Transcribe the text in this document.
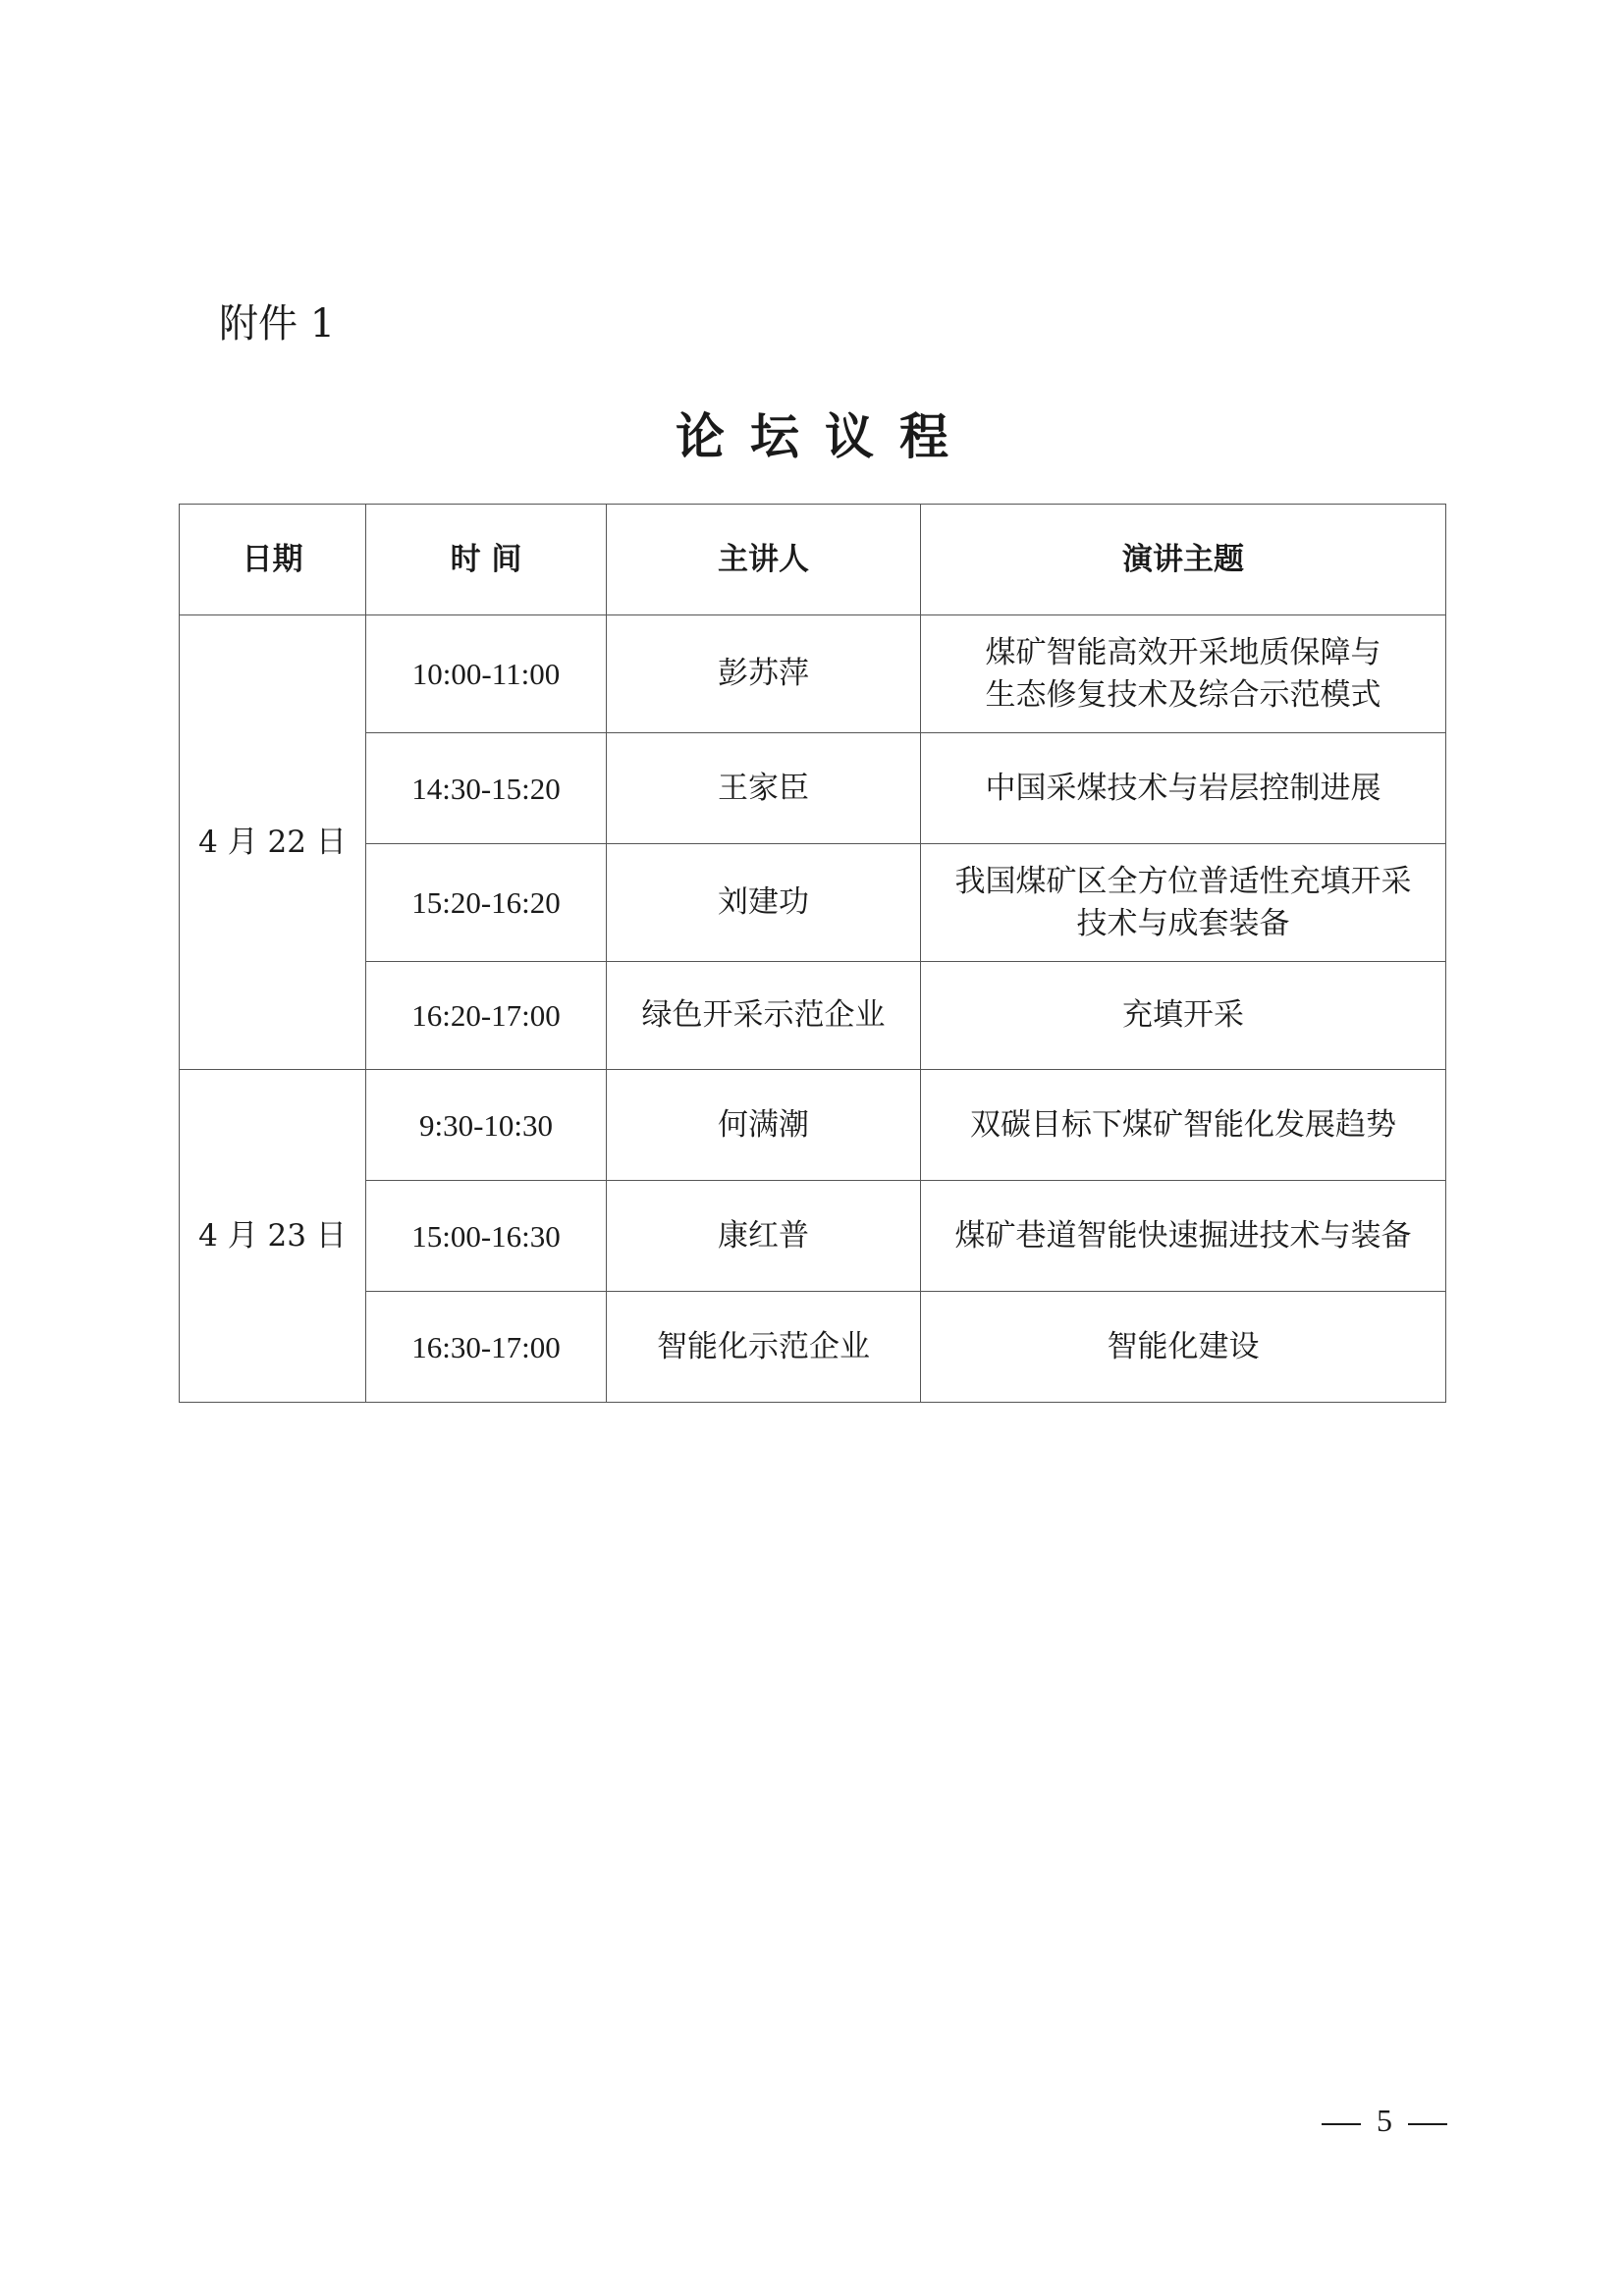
附件 1
论坛议程
日期	时 间	主讲人	演讲主题
4 月 22 日	10:00-11:00	彭苏萍	煤矿智能高效开采地质保障与
生态修复技术及综合示范模式

	14:30-15:20	王家臣	中国采煤技术与岩层控制进展

	15:20-16:20	刘建功	我国煤矿区全方位普适性充填开采
技术与成套装备

	16:20-17:00	绿色开采示范企业	充填开采

4 月 23 日	9:30-10:30	何满潮	双碳目标下煤矿智能化发展趋势

	15:00-16:30	康红普	煤矿巷道智能快速掘进技术与装备

	16:30-17:00	智能化示范企业	智能化建设
5
